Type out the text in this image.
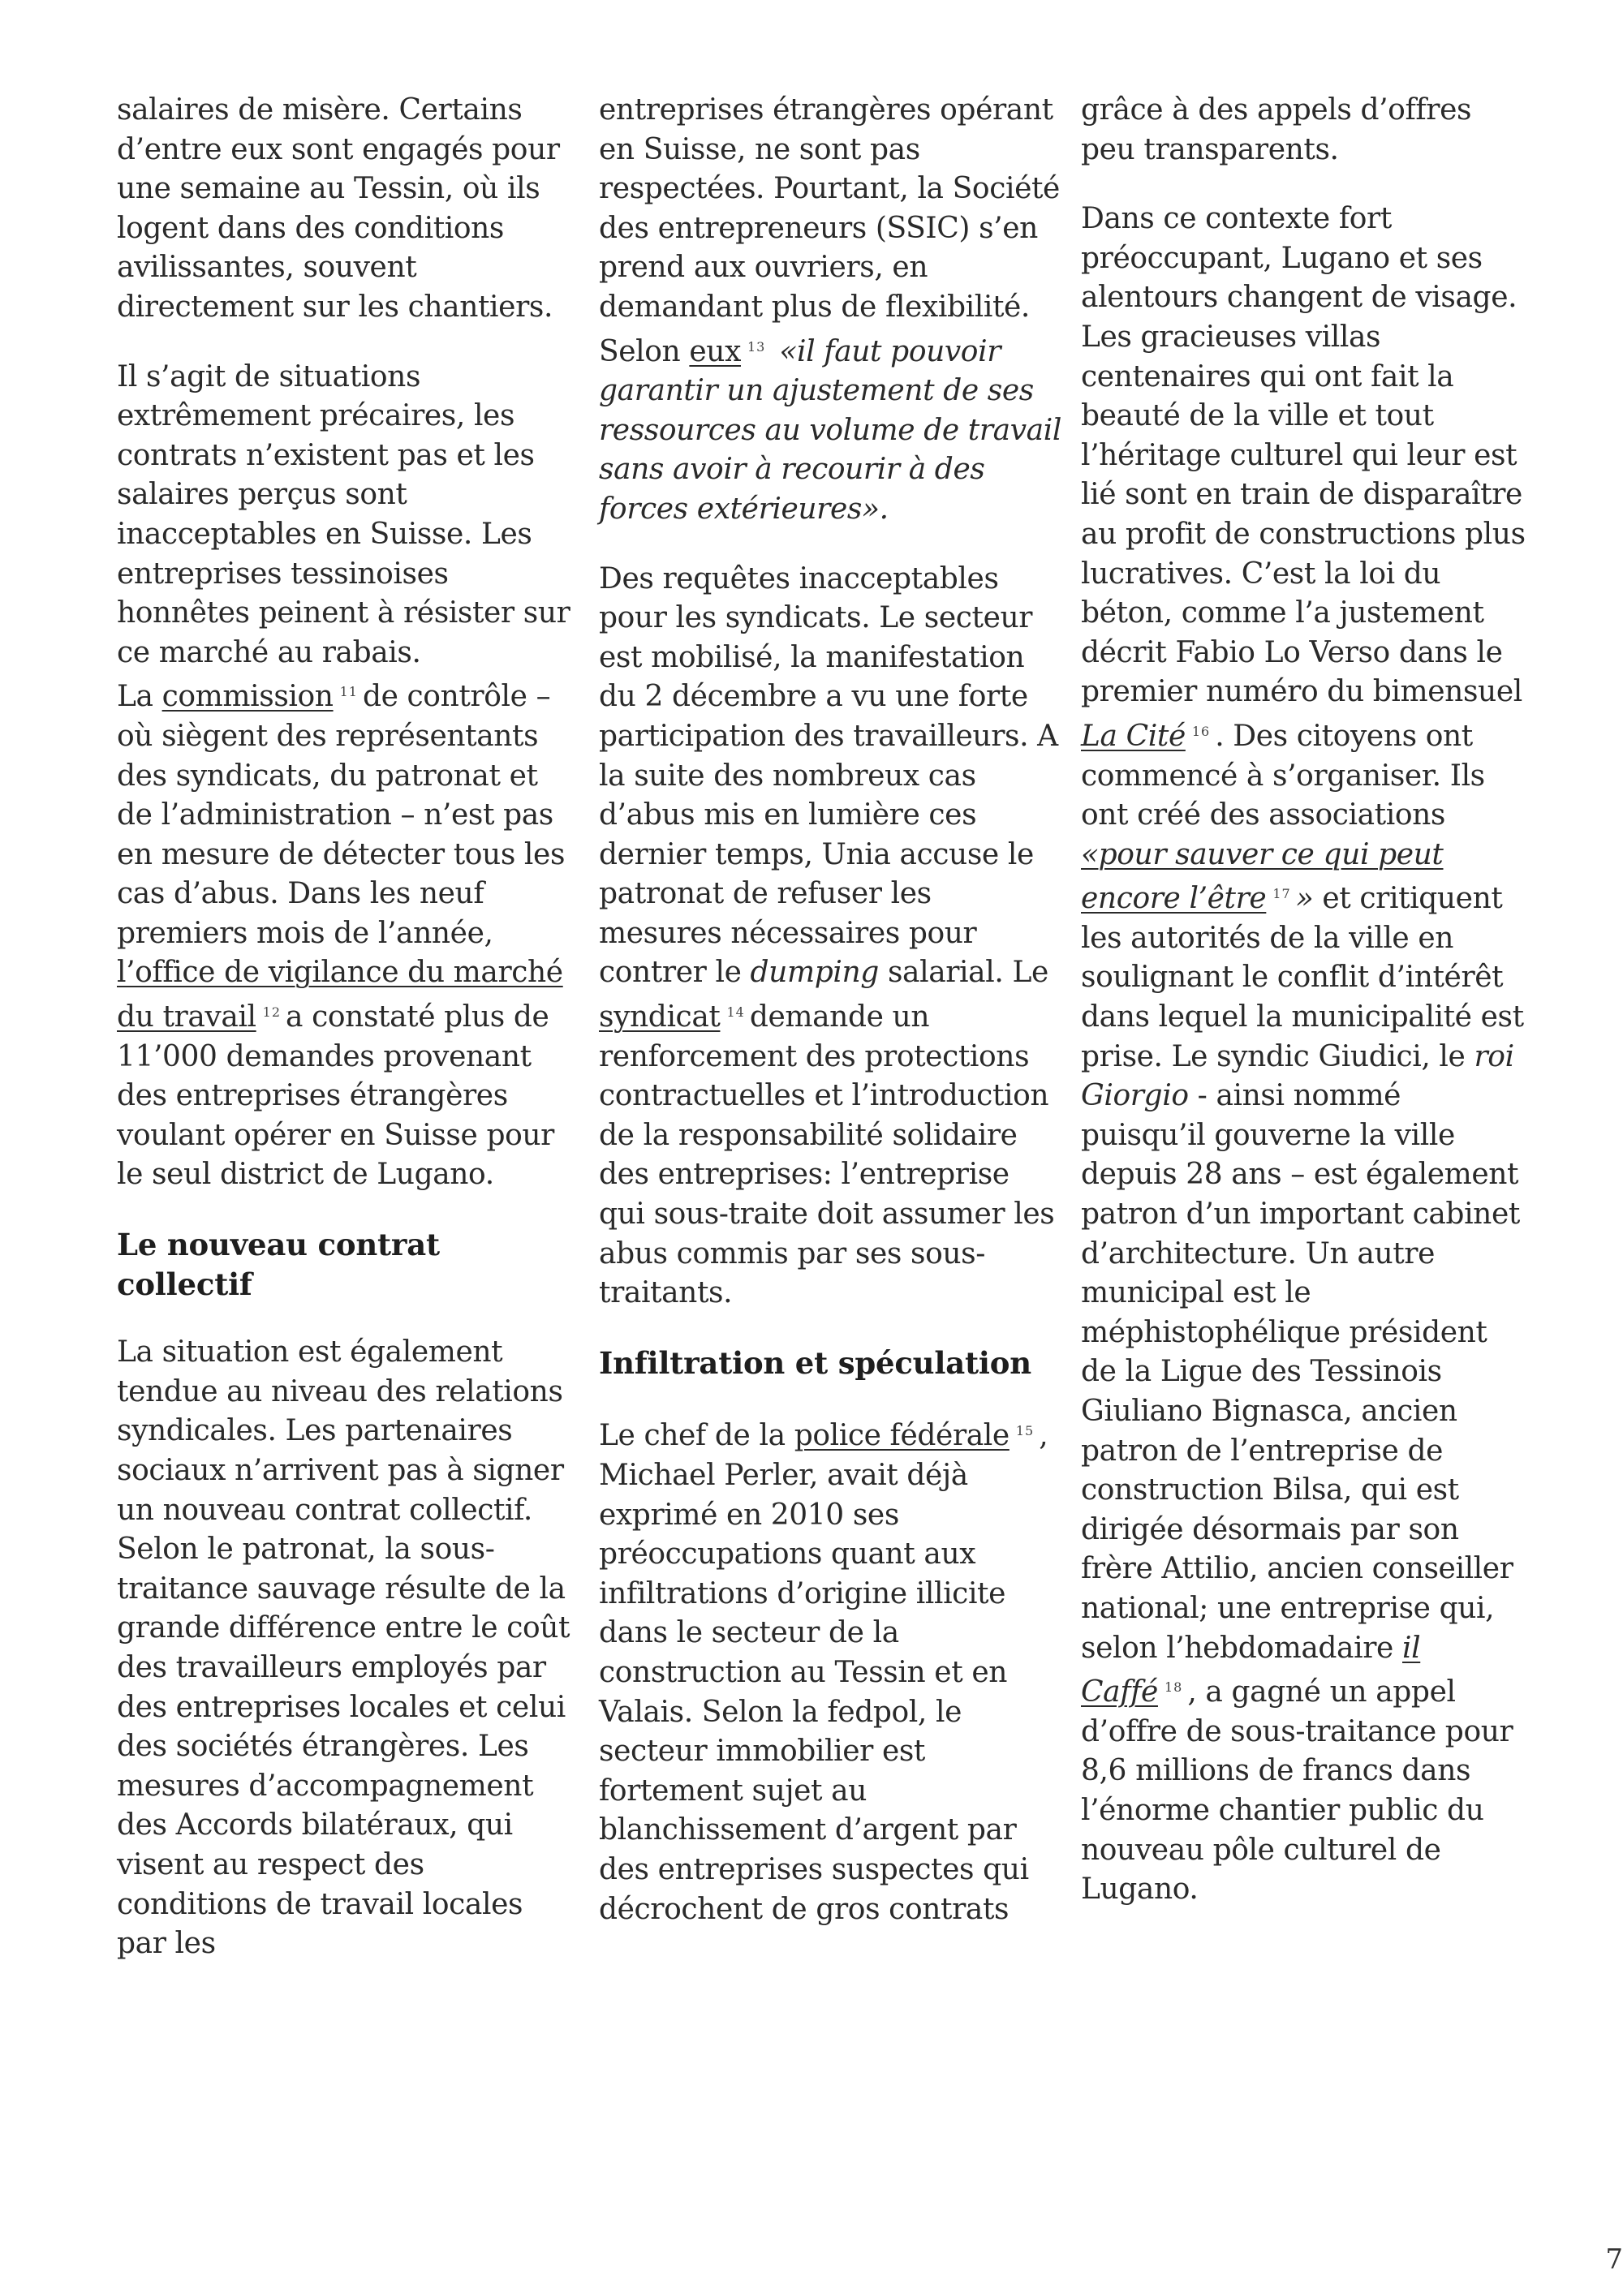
salaires de misère. Certains d’entre eux sont engagés pour une semaine au Tessin, où ils logent dans des conditions avilissantes, souvent directement sur les chantiers.

Il s’agit de situations extrêmement précaires, les contrats n’existent pas et les salaires perçus sont inacceptables en Suisse. Les entreprises tessinoises honnêtes peinent à résister sur ce marché au rabais.
La commission $^{11}$ de contrôle – où siègent des représentants des syndicats, du patronat et de l’administration – n’est pas en mesure de détecter tous les cas d’abus. Dans les neuf premiers mois de l’année,
l’office de vigilance du marché du travail $^{12}$ a constaté plus de 11’000 demandes provenant des entreprises étrangères voulant opérer en Suisse pour le seul district de Lugano.

Le nouveau contrat collectif

La situation est également tendue au niveau des relations syndicales. Les partenaires sociaux n’arrivent pas à signer un nouveau contrat collectif. Selon le patronat, la sous-traitance sauvage résulte de la grande différence entre le coût des travailleurs employés par des entreprises locales et celui des sociétés étrangères. Les mesures d’accompagnement des Accords bilatéraux, qui visent au respect des conditions de travail locales par les

entreprises étrangères opérant en Suisse, ne sont pas respectées. Pourtant, la Société des entrepreneurs (SSIC) s’en prend aux ouvriers, en demandant plus de flexibilité. Selon eux $^{13}$ «il faut pouvoir garantir un ajustement de ses ressources au volume de travail sans avoir à recourir à des forces extérieures».

Des requêtes inacceptables pour les syndicats. Le secteur est mobilisé, la manifestation du 2 décembre a vu une forte participation des travailleurs. A la suite des nombreux cas d’abus mis en lumière ces dernier temps, Unia accuse le patronat de refuser les mesures nécessaires pour contrer le dumping salarial. Le syndicat $^{14}$ demande un renforcement des protections contractuelles et l’introduction de la responsabilité solidaire des entreprises: l’entreprise qui sous-traite doit assumer les abus commis par ses sous-traitants.

Infiltration et spéculation

Le chef de la police fédérale $^{15}$ , Michael Perler, avait déjà exprimé en 2010 ses préoccupations quant aux infiltrations d’origine illicite dans le secteur de la construction au Tessin et en Valais. Selon la fedpol, le secteur immobilier est fortement sujet au blanchissement d’argent par des entreprises suspectes qui décrochent de gros contrats

grâce à des appels d’offres peu transparents.

Dans ce contexte fort préoccupant, Lugano et ses alentours changent de visage. Les gracieuses villas centenaires qui ont fait la beauté de la ville et tout l’héritage culturel qui leur est lié sont en train de disparaître au profit de constructions plus lucratives. C’est la loi du béton, comme l’a justement décrit Fabio Lo Verso dans le premier numéro du bimensuel La Cité $^{16}$ . Des citoyens ont commencé à s’organiser. Ils ont créé des associations «pour sauver ce qui peut encore l’être $^{17}$ » et critiquent les autorités de la ville en soulignant le conflit d’intérêt dans lequel la municipalité est prise. Le syndic Giudici, le roi Giorgio - ainsi nommé puisqu’il gouverne la ville depuis 28 ans – est également patron d’un important cabinet d’architecture. Un autre municipal est le méphistophélique président de la Ligue des Tessinois Giuliano Bignasca, ancien patron de l’entreprise de construction Bilsa, qui est dirigée désormais par son frère Attilio, ancien conseiller national; une entreprise qui, selon l’hebdomadaire il Caffé $^{18}$ , a gagné un appel d’offre de sous-traitance pour 8,6 millions de francs dans l’énorme chantier public du nouveau pôle culturel de Lugano.

7
